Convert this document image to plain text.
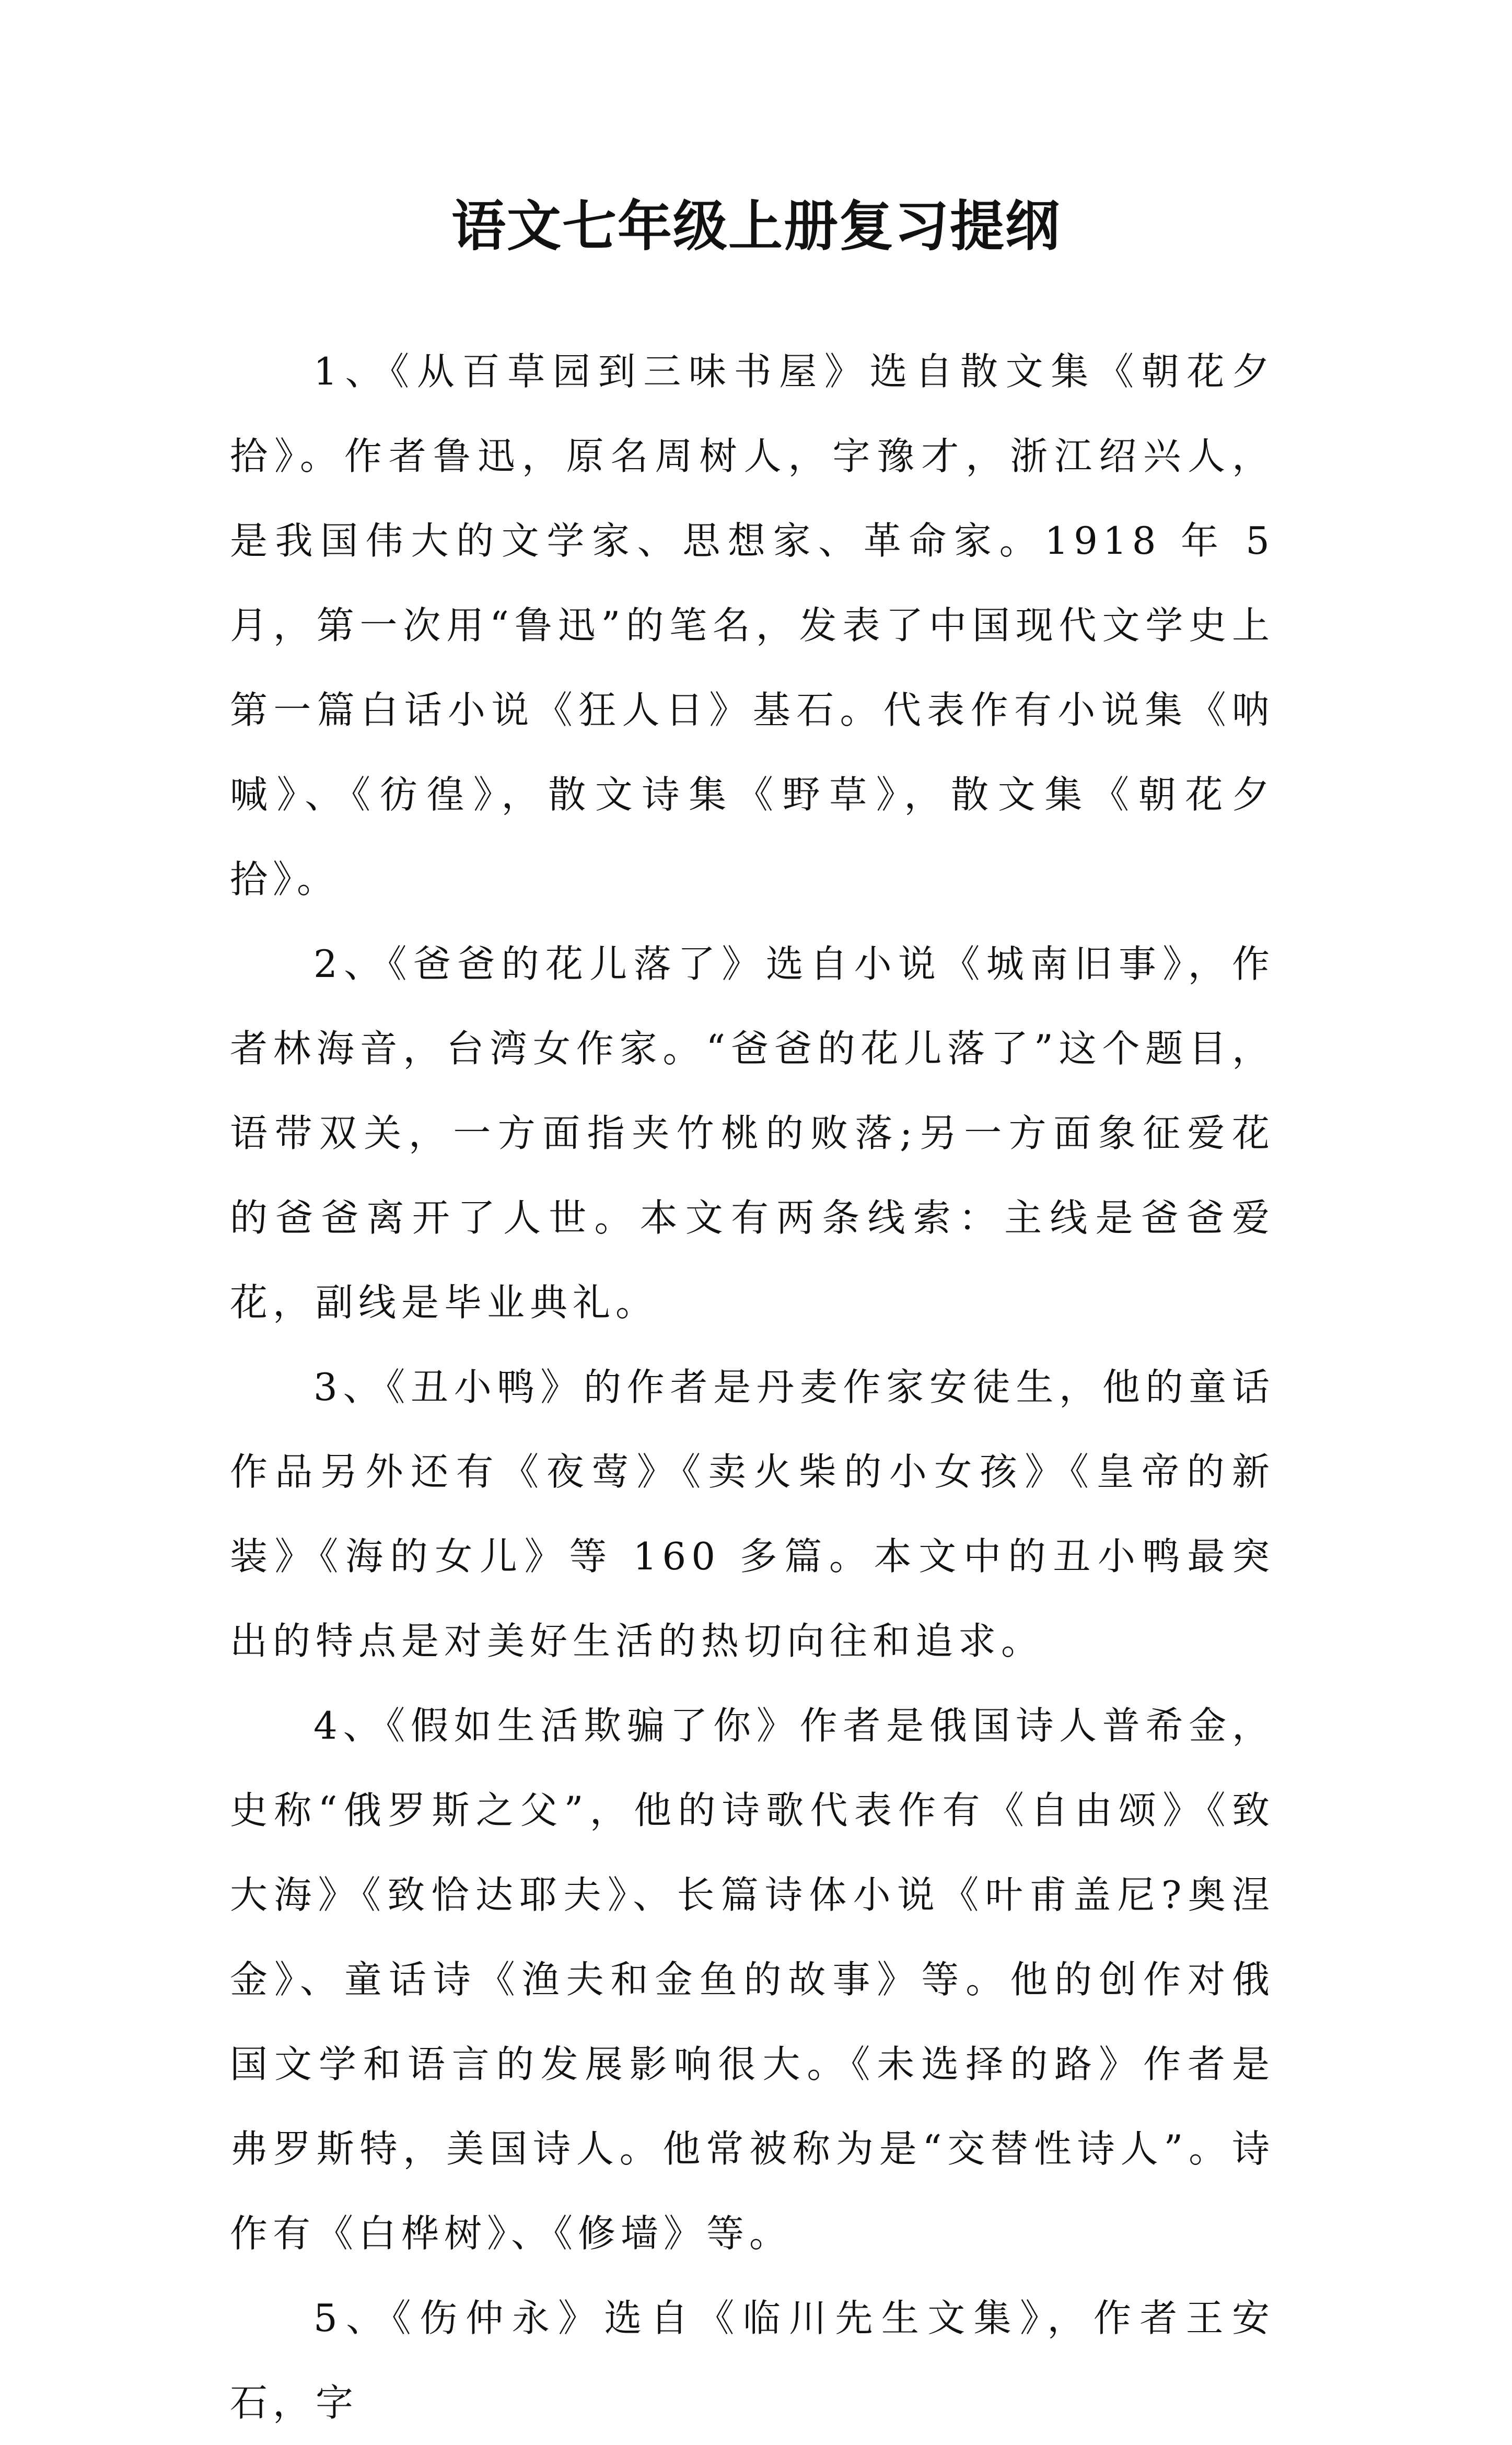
语文七年级上册复习提纲

1、《从百草园到三味书屋》选自散文集《朝花夕拾》。作者鲁迅，原名周树人，字豫才，浙江绍兴人，是我国伟大的文学家、思想家、革命家。1918 年 5 月，第一次用“鲁迅”的笔名，发表了中国现代文学史上第一篇白话小说《狂人日》基石。代表作有小说集《呐喊》、《彷徨》，散文诗集《野草》，散文集《朝花夕拾》。

2、《爸爸的花儿落了》选自小说《城南旧事》，作者林海音，台湾女作家。“爸爸的花儿落了”这个题目，语带双关，一方面指夹竹桃的败落;另一方面象征爱花的爸爸离开了人世。本文有两条线索：主线是爸爸爱花，副线是毕业典礼。

3、《丑小鸭》的作者是丹麦作家安徒生，他的童话作品另外还有《夜莺》《卖火柴的小女孩》《皇帝的新装》《海的女儿》等 160 多篇。本文中的丑小鸭最突出的特点是对美好生活的热切向往和追求。

4、《假如生活欺骗了你》作者是俄国诗人普希金，史称“俄罗斯之父”，他的诗歌代表作有《自由颂》《致大海》《致恰达耶夫》、长篇诗体小说《叶甫盖尼?奥涅金》、童话诗《渔夫和金鱼的故事》等。他的创作对俄国文学和语言的发展影响很大。《未选择的路》作者是弗罗斯特，美国诗人。他常被称为是“交替性诗人”。诗作有《白桦树》、《修墙》等。

5、《伤仲永》选自《临川先生文集》，作者王安石，字
